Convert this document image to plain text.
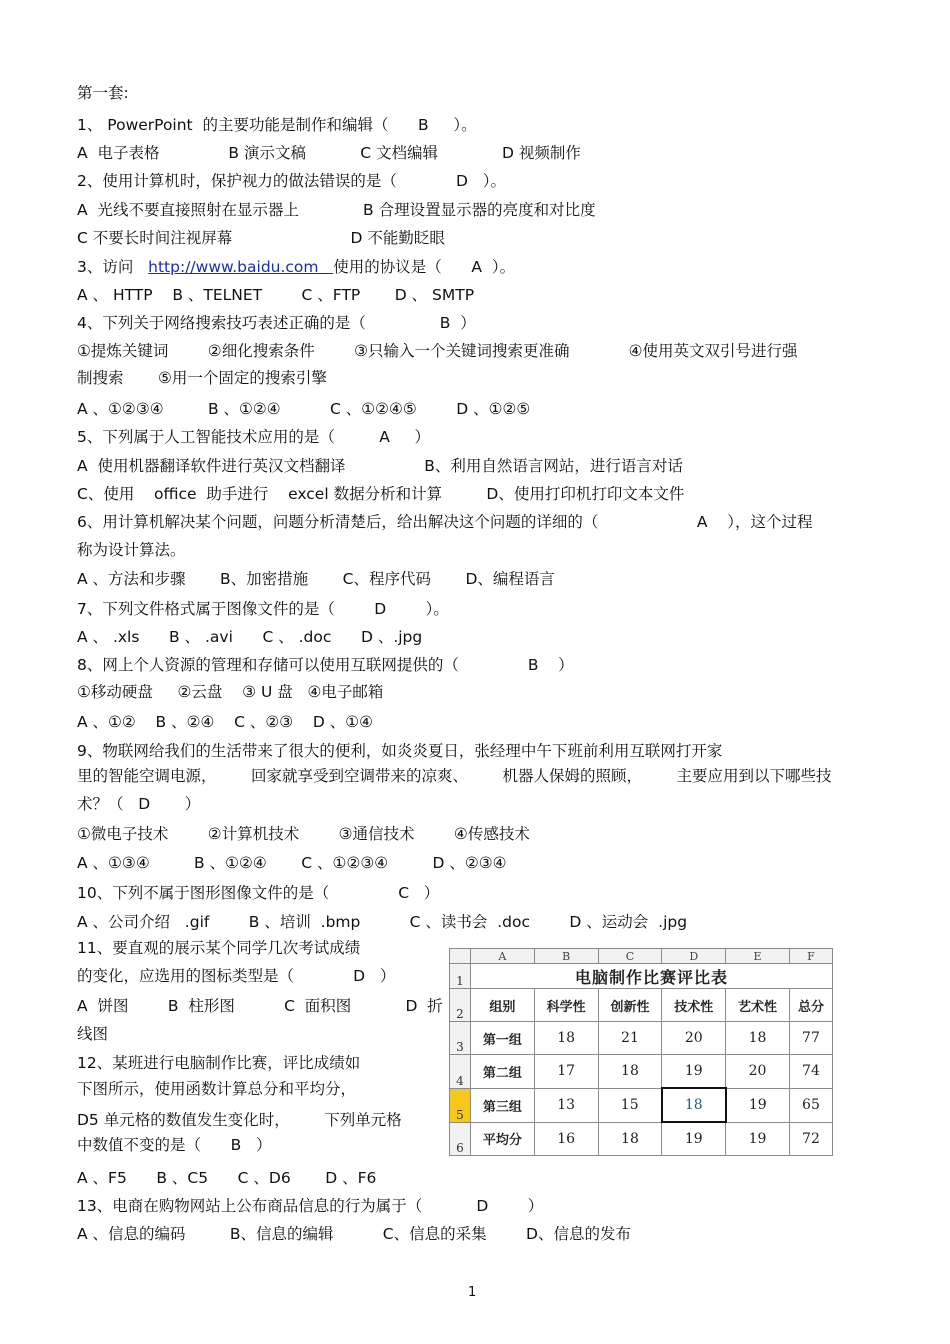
第一套:

1、 PowerPoint  的主要功能是制作和编辑（      B     ）。

A  电子表格              B 演示文稿           C 文档编辑             D 视频制作

2、使用计算机时，保护视力的做法错误的是（            D   ）。

A  光线不要直接照射在显示器上             B 合理设置显示器的亮度和对比度

C 不要长时间注视屏幕                        D 不能勤眨眼

3、访问   http://www.baidu.com   使用的协议是（      A  ）。

A 、 HTTP    B 、TELNET        C 、FTP       D 、 SMTP

4、下列关于网络搜索技巧表述正确的是（               B  ）

①提炼关键词        ②细化搜索条件        ③只输入一个关键词搜索更准确            ④使用英文双引号进行强

制搜索       ⑤用一个固定的搜索引擎

A 、①②③④         B 、①②④          C 、①②④⑤        D 、①②⑤

5、下列属于人工智能技术应用的是（         A     ）

A  使用机器翻译软件进行英汉文档翻译                B、利用自然语言网站，进行语言对话

C、使用    office  助手进行    excel 数据分析和计算         D、使用打印机打印文本文件

6、用计算机解决某个问题，问题分析清楚后，给出解决这个问题的详细的（                    A    ），这个过程

称为设计算法。

A 、方法和步骤       B、加密措施       C、程序代码       D、编程语言

7、下列文件格式属于图像文件的是（        D        ）。

A 、 .xls      B 、 .avi      C 、 .doc      D 、.jpg

8、网上个人资源的管理和存储可以使用互联网提供的（              B    ）

①移动硬盘     ②云盘    ③ U 盘   ④电子邮箱

A 、①②    B 、②④    C 、②③    D 、①④

9、物联网给我们的生活带来了很大的便利，如炎炎夏日，张经理中午下班前利用互联网打开家

里的智能空调电源，       回家就享受到空调带来的凉爽、       机器人保姆的照顾，       主要应用到以下哪些技

术？（   D       ）

①微电子技术        ②计算机技术        ③通信技术        ④传感技术

A 、①③④         B 、①②④       C 、①②③④         D 、②③④

10、下列不属于图形图像文件的是（              C   ）

A 、公司介绍   .gif        B 、培训  .bmp          C 、读书会  .doc        D 、运动会  .jpg

11、要直观的展示某个同学几次考试成绩

的变化，应选用的图标类型是（            D   ）

A  饼图        B  柱形图          C  面积图           D  折

线图

12、某班进行电脑制作比赛，评比成绩如

下图所示，使用函数计算总分和平均分，

D5 单元格的数值发生变化时，       下列单元格

中数值不变的是（      B   ）

A 、F5      B 、C5      C 、D6       D 、F6

13、电商在购物网站上公布商品信息的行为属于（           D        ）

A 、信息的编码         B、信息的编辑          C、信息的采集        D、信息的发布

	A	B	C	D	E	F
1	电脑制作比赛评比表					
2	组别	科学性	创新性	技术性	艺术性	总分
3	第一组	18	21	20	18	77
4	第二组	17	18	19	20	74
5	第三组	13	15	18	19	65
6	平均分	16	18	19	19	72
1
